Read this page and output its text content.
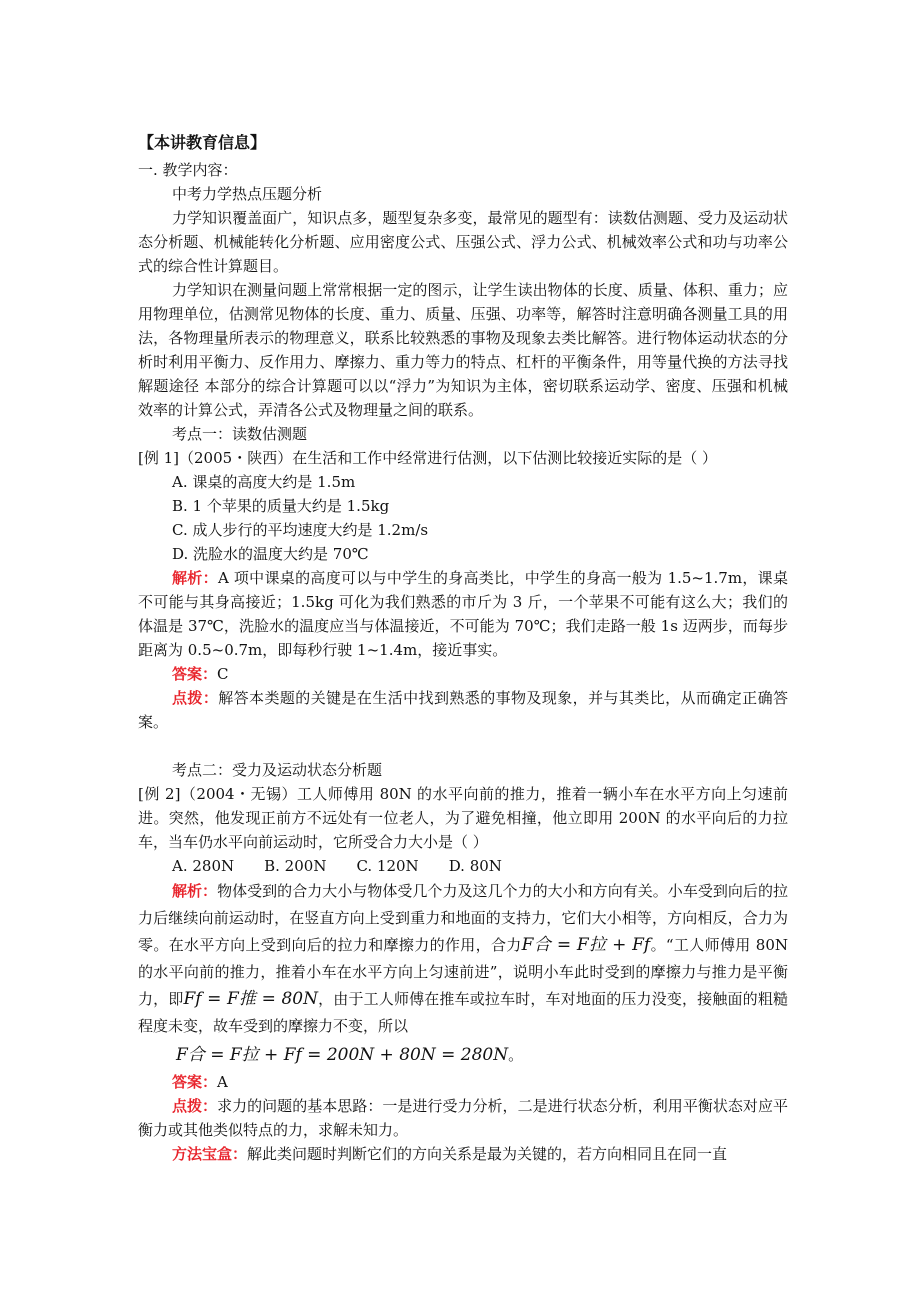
【本讲教育信息】

一. 教学内容：

中考力学热点压题分析

力学知识覆盖面广，知识点多，题型复杂多变，最常见的题型有：读数估测题、受力及运动状态分析题、机械能转化分析题、应用密度公式、压强公式、浮力公式、机械效率公式和功与功率公式的综合性计算题目。

力学知识在测量问题上常常根据一定的图示，让学生读出物体的长度、质量、体积、重力；应用物理单位，估测常见物体的长度、重力、质量、压强、功率等，解答时注意明确各测量工具的用法，各物理量所表示的物理意义，联系比较熟悉的事物及现象去类比解答。进行物体运动状态的分析时利用平衡力、反作用力、摩擦力、重力等力的特点、杠杆的平衡条件，用等量代换的方法寻找解题途径 本部分的综合计算题可以以“浮力”为知识为主体，密切联系运动学、密度、压强和机械效率的计算公式，弄清各公式及物理量之间的联系。

考点一：读数估测题

[例 1]（2005・陕西）在生活和工作中经常进行估测，以下估测比较接近实际的是（ ）

A. 课桌的高度大约是 1.5m

B. 1 个苹果的质量大约是 1.5kg

C. 成人步行的平均速度大约是 1.2m/s

D. 洗脸水的温度大约是 70℃

解析：A 项中课桌的高度可以与中学生的身高类比，中学生的身高一般为 1.5~1.7m，课桌不可能与其身高接近；1.5kg 可化为我们熟悉的市斤为 3 斤，一个苹果不可能有这么大；我们的体温是 37℃，洗脸水的温度应当与体温接近，不可能为 70℃；我们走路一般 1s 迈两步，而每步距离为 0.5~0.7m，即每秒行驶 1~1.4m，接近事实。

答案：C

点拨：解答本类题的关键是在生活中找到熟悉的事物及现象，并与其类比，从而确定正确答案。

考点二：受力及运动状态分析题

[例 2]（2004・无锡）工人师傅用 80N 的水平向前的推力，推着一辆小车在水平方向上匀速前进。突然，他发现正前方不远处有一位老人，为了避免相撞，他立即用 200N 的水平向后的力拉车，当车仍水平向前运动时，它所受合力大小是（ ）

A. 280N B. 200N C. 120N D. 80N

解析：物体受到的合力大小与物体受几个力及这几个力的大小和方向有关。小车受到向后的拉力后继续向前运动时，在竖直方向上受到重力和地面的支持力，它们大小相等，方向相反，合力为零。在水平方向上受到向后的拉力和摩擦力的作用，合力F合 = F拉 + Ff。“工人师傅用 80N 的水平向前的推力，推着小车在水平方向上匀速前进”，说明小车此时受到的摩擦力与推力是平衡力，即Ff = F推 = 80N，由于工人师傅在推车或拉车时，车对地面的压力没变，接触面的粗糙程度未变，故车受到的摩擦力不变，所以

F合 = F拉 + Ff = 200N + 80N = 280N。

答案：A

点拨：求力的问题的基本思路：一是进行受力分析，二是进行状态分析，利用平衡状态对应平衡力或其他类似特点的力，求解未知力。

方法宝盒：解此类问题时判断它们的方向关系是最为关键的，若方向相同且在同一直
